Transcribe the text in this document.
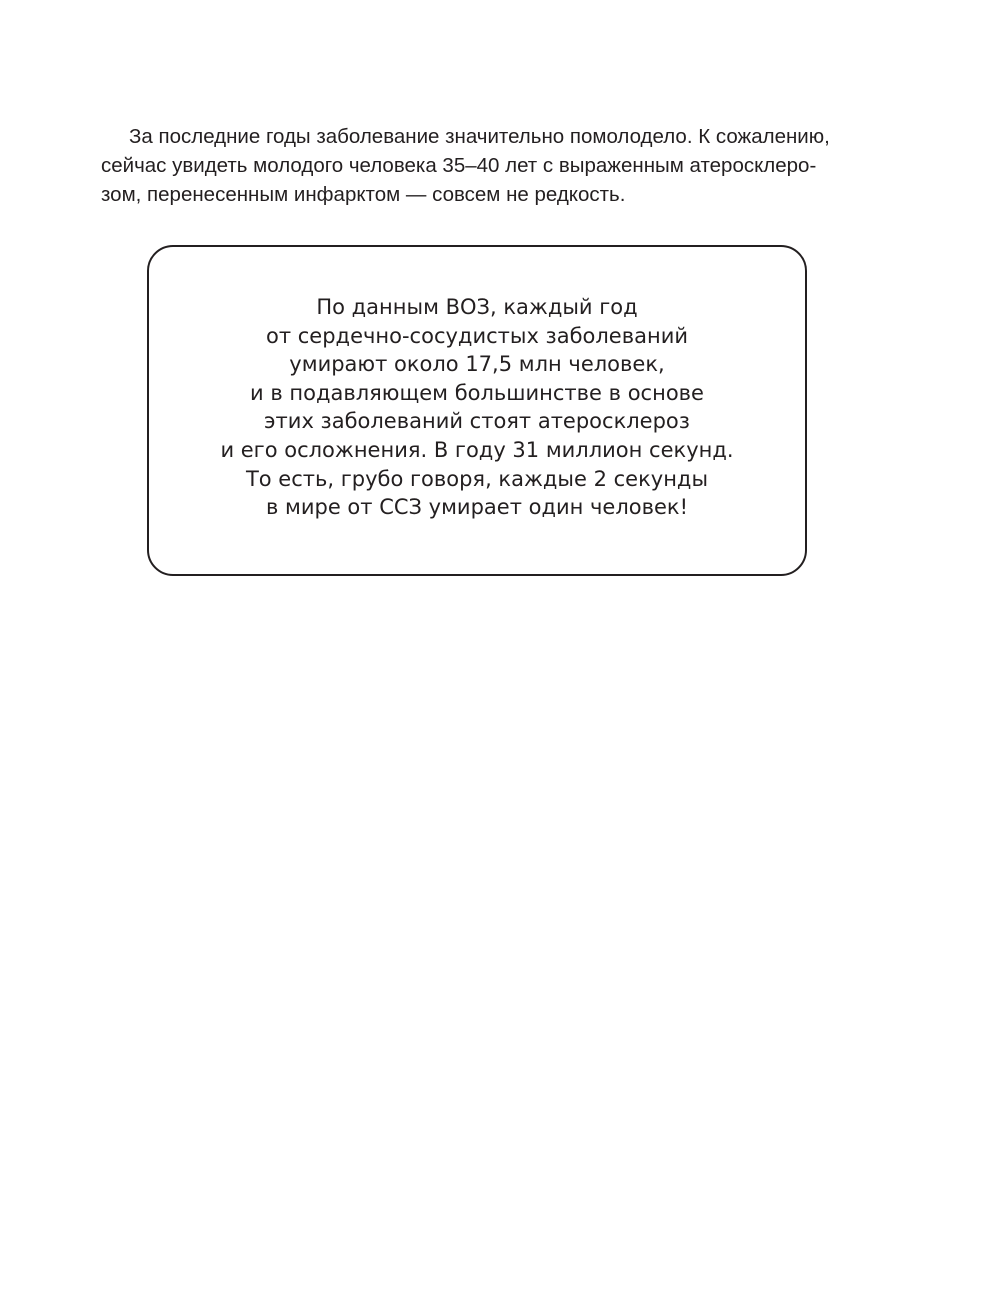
За последние годы заболевание значительно помолодело. К сожалению,
сейчас увидеть молодого человека 35–40 лет с выраженным атеросклеро-
зом, перенесенным инфарктом — совсем не редкость.

По данным ВОЗ, каждый год
от сердечно-сосудистых заболеваний
умирают около 17,5 млн человек,
и в подавляющем большинстве в основе
этих заболеваний стоят атеросклероз
и его осложнения. В году 31 миллион секунд.
То есть, грубо говоря, каждые 2 секунды
в мире от ССЗ умирает один человек!
